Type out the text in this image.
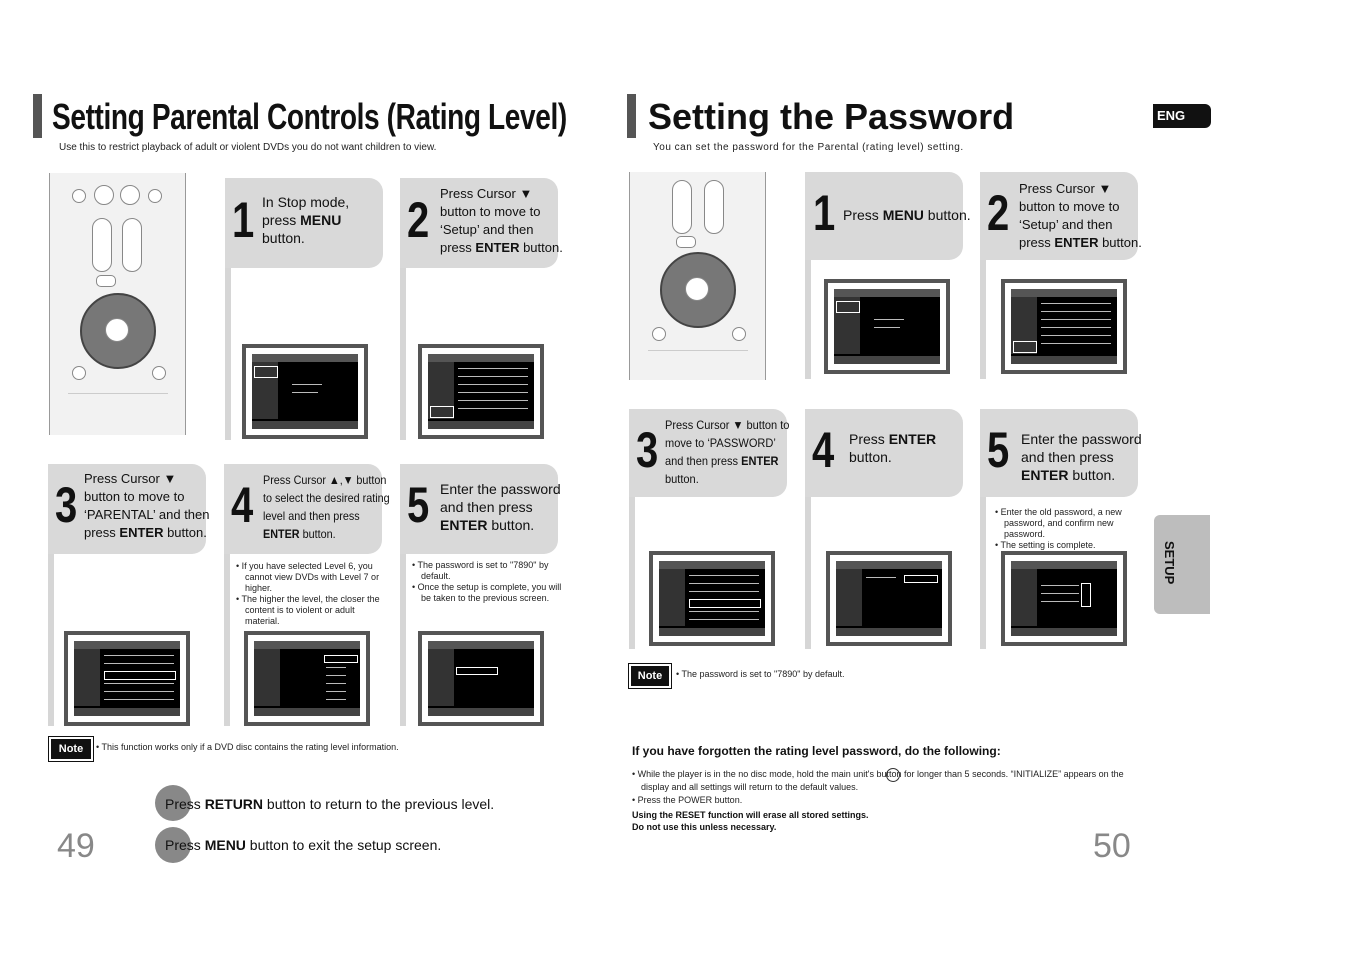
Setting Parental Controls (Rating Level)
Use this to restrict playback of adult or violent DVDs you do not want children to view.
1 In Stop mode,
press MENU
button.	2 Press Cursor ▼
button to move to
‘Setup’ and then
press ENTER button.
3 Press Cursor ▼
button to move to
‘PARENTAL’ and then
press ENTER button. 4 Press Cursor ▲,▼ button
to select the desired rating
level and then press
ENTER button.
• If you have selected Level 6, you cannot view DVDs with Level 7 or higher.
• The higher the level, the closer the content is to violent or adult material.
5 Enter the password
and then press
ENTER button.
• The password is set to "7890" by default.
• Once the setup is complete, you will be taken to the previous screen.
Note	• This function works only if a DVD disc contains the rating level information.
Press RETURN button to return to the previous level.
Press MENU button to exit the setup screen.
49
Setting the Password
You can set the password for the Parental (rating level) setting.
ENG
SETUP
1 Press MENU button. 2 Press Cursor ▼
button to move to
‘Setup’ and then
press ENTER button.
3 Press Cursor ▼ button to
move to ‘PASSWORD’
and then press ENTER
button.
4 Press ENTER
button.	5 Enter the password
and then press
ENTER button.
• Enter the old password, a new password, and confirm new password.
• The setting is complete.
Note	• The password is set to "7890" by default.
If you have forgotten the rating level password, do the following:
• While the player is in the no disc mode, hold the main unit's button for longer than 5 seconds. “INITIALIZE” appears on the display and all settings will return to the default values.
• Press the POWER button.
Using the RESET function will erase all stored settings.
Do not use this unless necessary.	50
